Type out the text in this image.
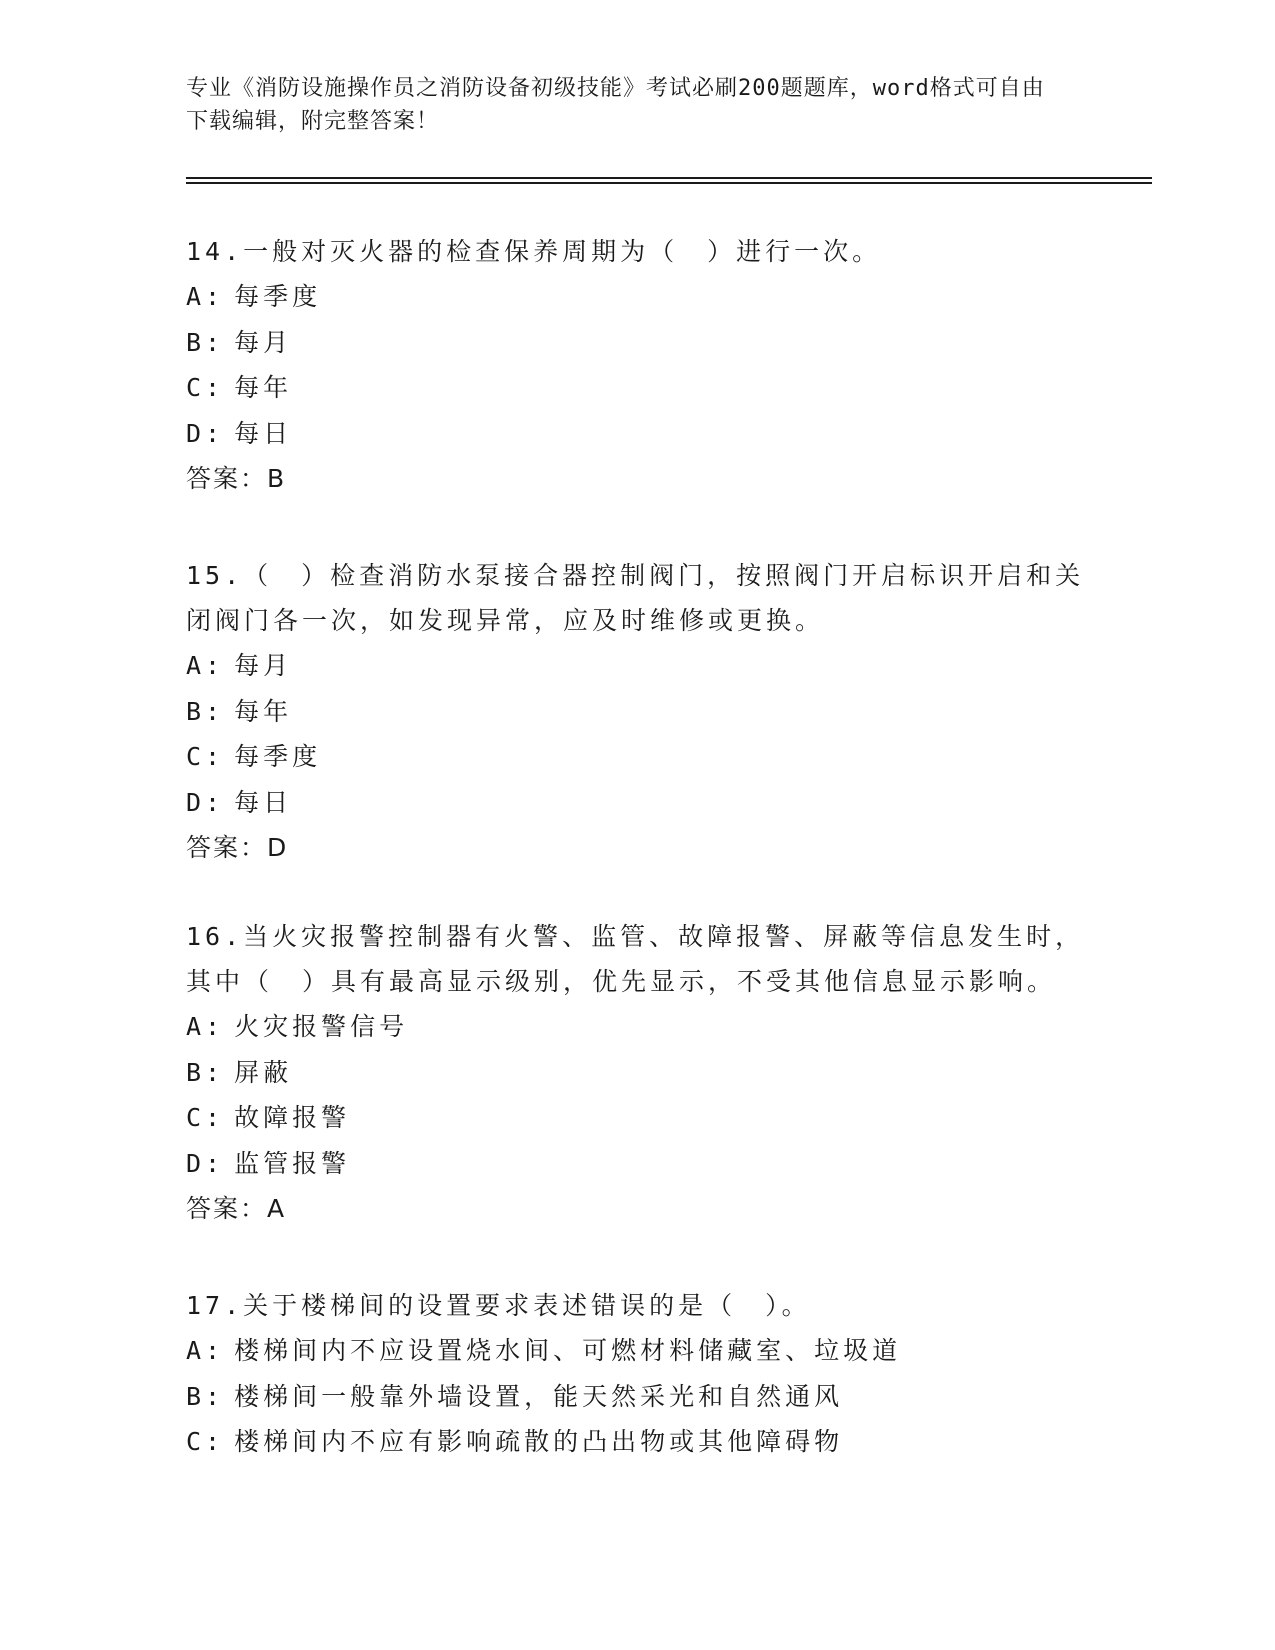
专业《消防设施操作员之消防设备初级技能》考试必刷200题题库，word格式可自由下载编辑，附完整答案！

14.一般对灭火器的检查保养周期为（　）进行一次。

A: 每季度

B: 每月

C: 每年

D: 每日

答案：B

15.（　）检查消防水泵接合器控制阀门，按照阀门开启标识开启和关闭阀门各一次，如发现异常，应及时维修或更换。

A: 每月

B: 每年

C: 每季度

D: 每日

答案：D

16.当火灾报警控制器有火警、监管、故障报警、屏蔽等信息发生时，其中（　）具有最高显示级别，优先显示，不受其他信息显示影响。

A: 火灾报警信号

B: 屏蔽

C: 故障报警

D: 监管报警

答案：A

17.关于楼梯间的设置要求表述错误的是（　）。

A: 楼梯间内不应设置烧水间、可燃材料储藏室、垃圾道

B: 楼梯间一般靠外墙设置，能天然采光和自然通风

C: 楼梯间内不应有影响疏散的凸出物或其他障碍物
